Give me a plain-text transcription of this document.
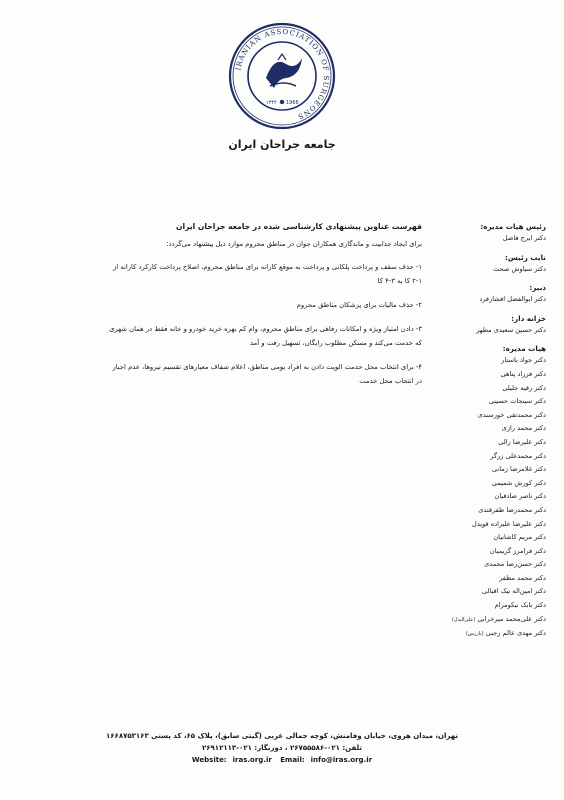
IRANIAN ASSOCIATION OF SURGEONS
۱۳۴۴ 1966
جامعه جراحان ایران
رئیس هیات مدیره:
دکتر ایرج فاضل
نایب رئیس:
دکتر سیاوش صحت
دبیر:
دکتر ابوالفضل افشارفرد
خزانه دار:
دکتر حسین سعیدی مطهر
هیات مدیره:
دکتر جواد باستار
دکتر فرزاد پناهی
دکتر رقیه جلیلی
دکتر سینجات حسینی
دکتر محمدتقی خورسندی
دکتر محمد رازی
دکتر علیرضا زالی
دکتر محمدعلی زرگر
دکتر غلامرضا زمانی
دکتر کورش شمیمی
دکتر ناصر صادقیان
دکتر محمدرضا ظفرقندی
دکتر علیرضا علیزاده قویدل
دکتر مریم کاشانیان
دکتر فرامرز گریمیان
دکتر حسن‌رضا محمدی
دکتر محمد مظفر
دکتر امین‌اله نیک اقبالی
دکتر بابک نیکومرام
دکتر علی‌محمد میرخرابی (علی‌البدل)
دکتر مهدی عالم رجبی (بازرس)
فهرست عناوین پیشنهادی کارشناسی شده در جامعه جراحان ایران
برای ایجاد جذابیت و ماندگاری همکاران جوان در مناطق محروم موارد ذیل پیشنهاد می‌گردد:
۱- حذف سقف و پرداخت پلکانی و پرداخت به موقع کارانه برای مناطق محروم، اصلاح پرداخت کارکرد کارانه از ۱-۲ کا به ۳-۴ کا
۲- حذف مالیات برای پزشکان مناطق محروم
۳- دادن امتیاز ویژه و امکانات رفاهی برای مناطق محروم، وام کم بهره خرید خودرو و خانه فقط در همان شهری که خدمت می‌کند و مسکن مطلوب رایگان، تسهیل رفت و آمد
۴- برای انتخاب محل خدمت الویت دادن به افراد بومی مناطق، اعلام شفاف معیارهای تقسیم نیروها، عدم اجبار در انتخاب محل خدمت
تهران، میدان هروی، خیابان وفامنش، کوچه جمالی غربی (گیتی سابق)، پلاک ۶۵، کد پستی ۱۶۶۸۷۵۳۱۶۳
تلفن: ۰۲۱-۲۶۷۵۵۵۸۶ ، دورنگار: ۰۲۱-۲۶۹۱۲۱۱۳
Website: iras.org.ir Email: info@iras.org.ir
